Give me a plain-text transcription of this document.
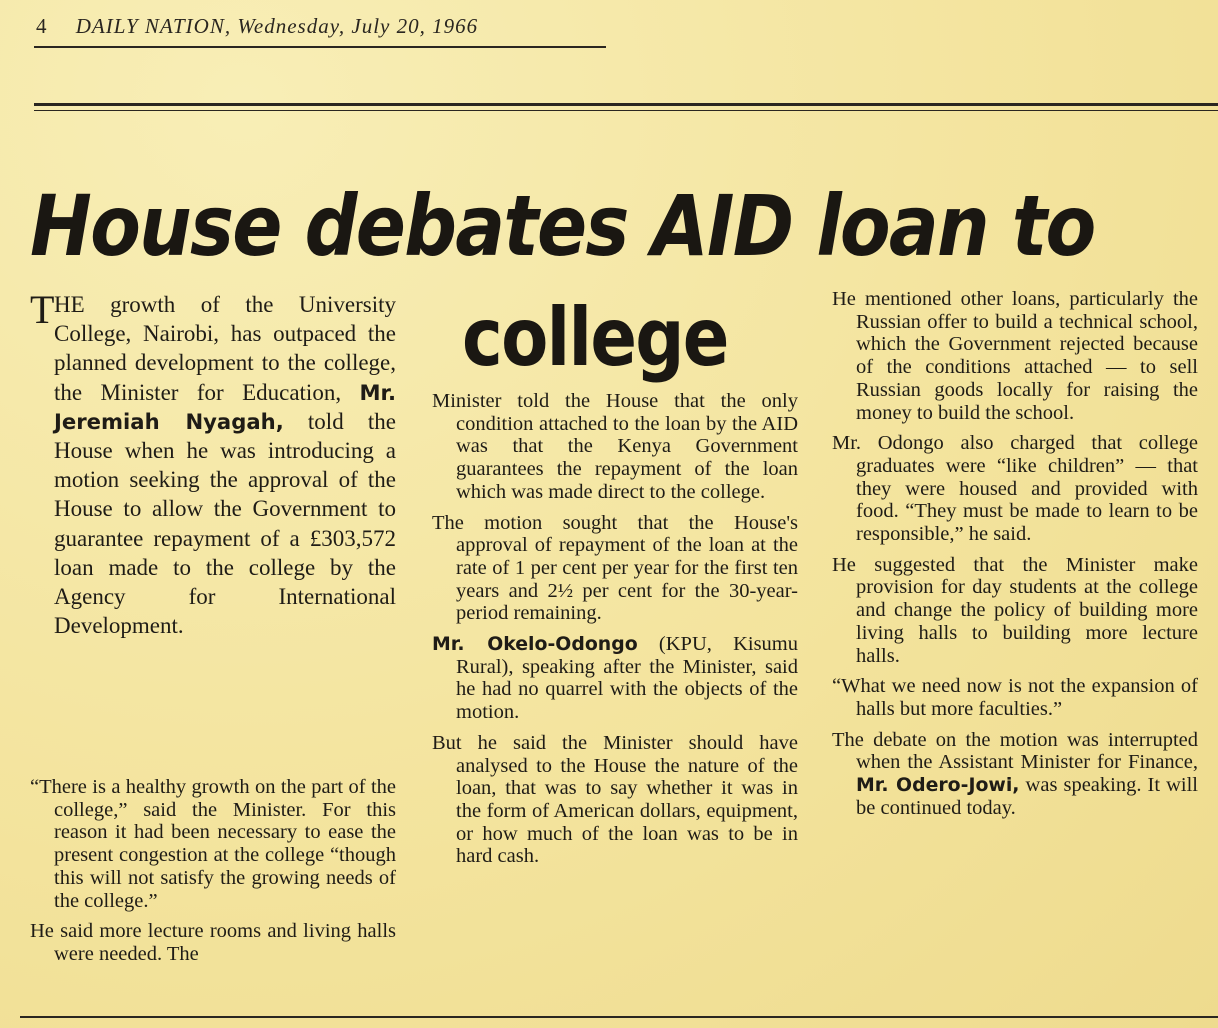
4 DAILY NATION, Wednesday, July 20, 1966
House debates AID loan to
college

T HE growth of the University College, Nairobi, has outpaced the planned development to the college, the Minister for Education, Mr. Jeremiah Nyagah, told the House when he was introducing a motion seeking the approval of the House to allow the Government to guarantee repayment of a £303,572 loan made to the college by the Agency for International Development.

“There is a healthy growth on the part of the college,” said the Minister. For this reason it had been necessary to ease the present congestion at the college “though this will not satisfy the growing needs of the college.”

He said more lecture rooms and living halls were needed. The

Minister told the House that the only condition attached to the loan by the AID was that the Kenya Government guarantees the repayment of the loan which was made direct to the college.

The motion sought that the House's approval of repayment of the loan at the rate of 1 per cent per year for the first ten years and 2½ per cent for the 30-year-period remaining.

Mr. Okelo-Odongo (KPU, Kisumu Rural), speaking after the Minister, said he had no quarrel with the objects of the motion.

But he said the Minister should have analysed to the House the nature of the loan, that was to say whether it was in the form of American dollars, equipment, or how much of the loan was to be in hard cash.

He mentioned other loans, particularly the Russian offer to build a technical school, which the Government rejected because of the conditions attached — to sell Russian goods locally for raising the money to build the school.

Mr. Odongo also charged that college graduates were “like children” — that they were housed and provided with food. “They must be made to learn to be responsible,” he said.

He suggested that the Minister make provision for day students at the college and change the policy of building more living halls to building more lecture halls.

“What we need now is not the expansion of halls but more faculties.”

The debate on the motion was interrupted when the Assistant Minister for Finance, Mr. Odero-Jowi, was speaking. It will be continued today.
